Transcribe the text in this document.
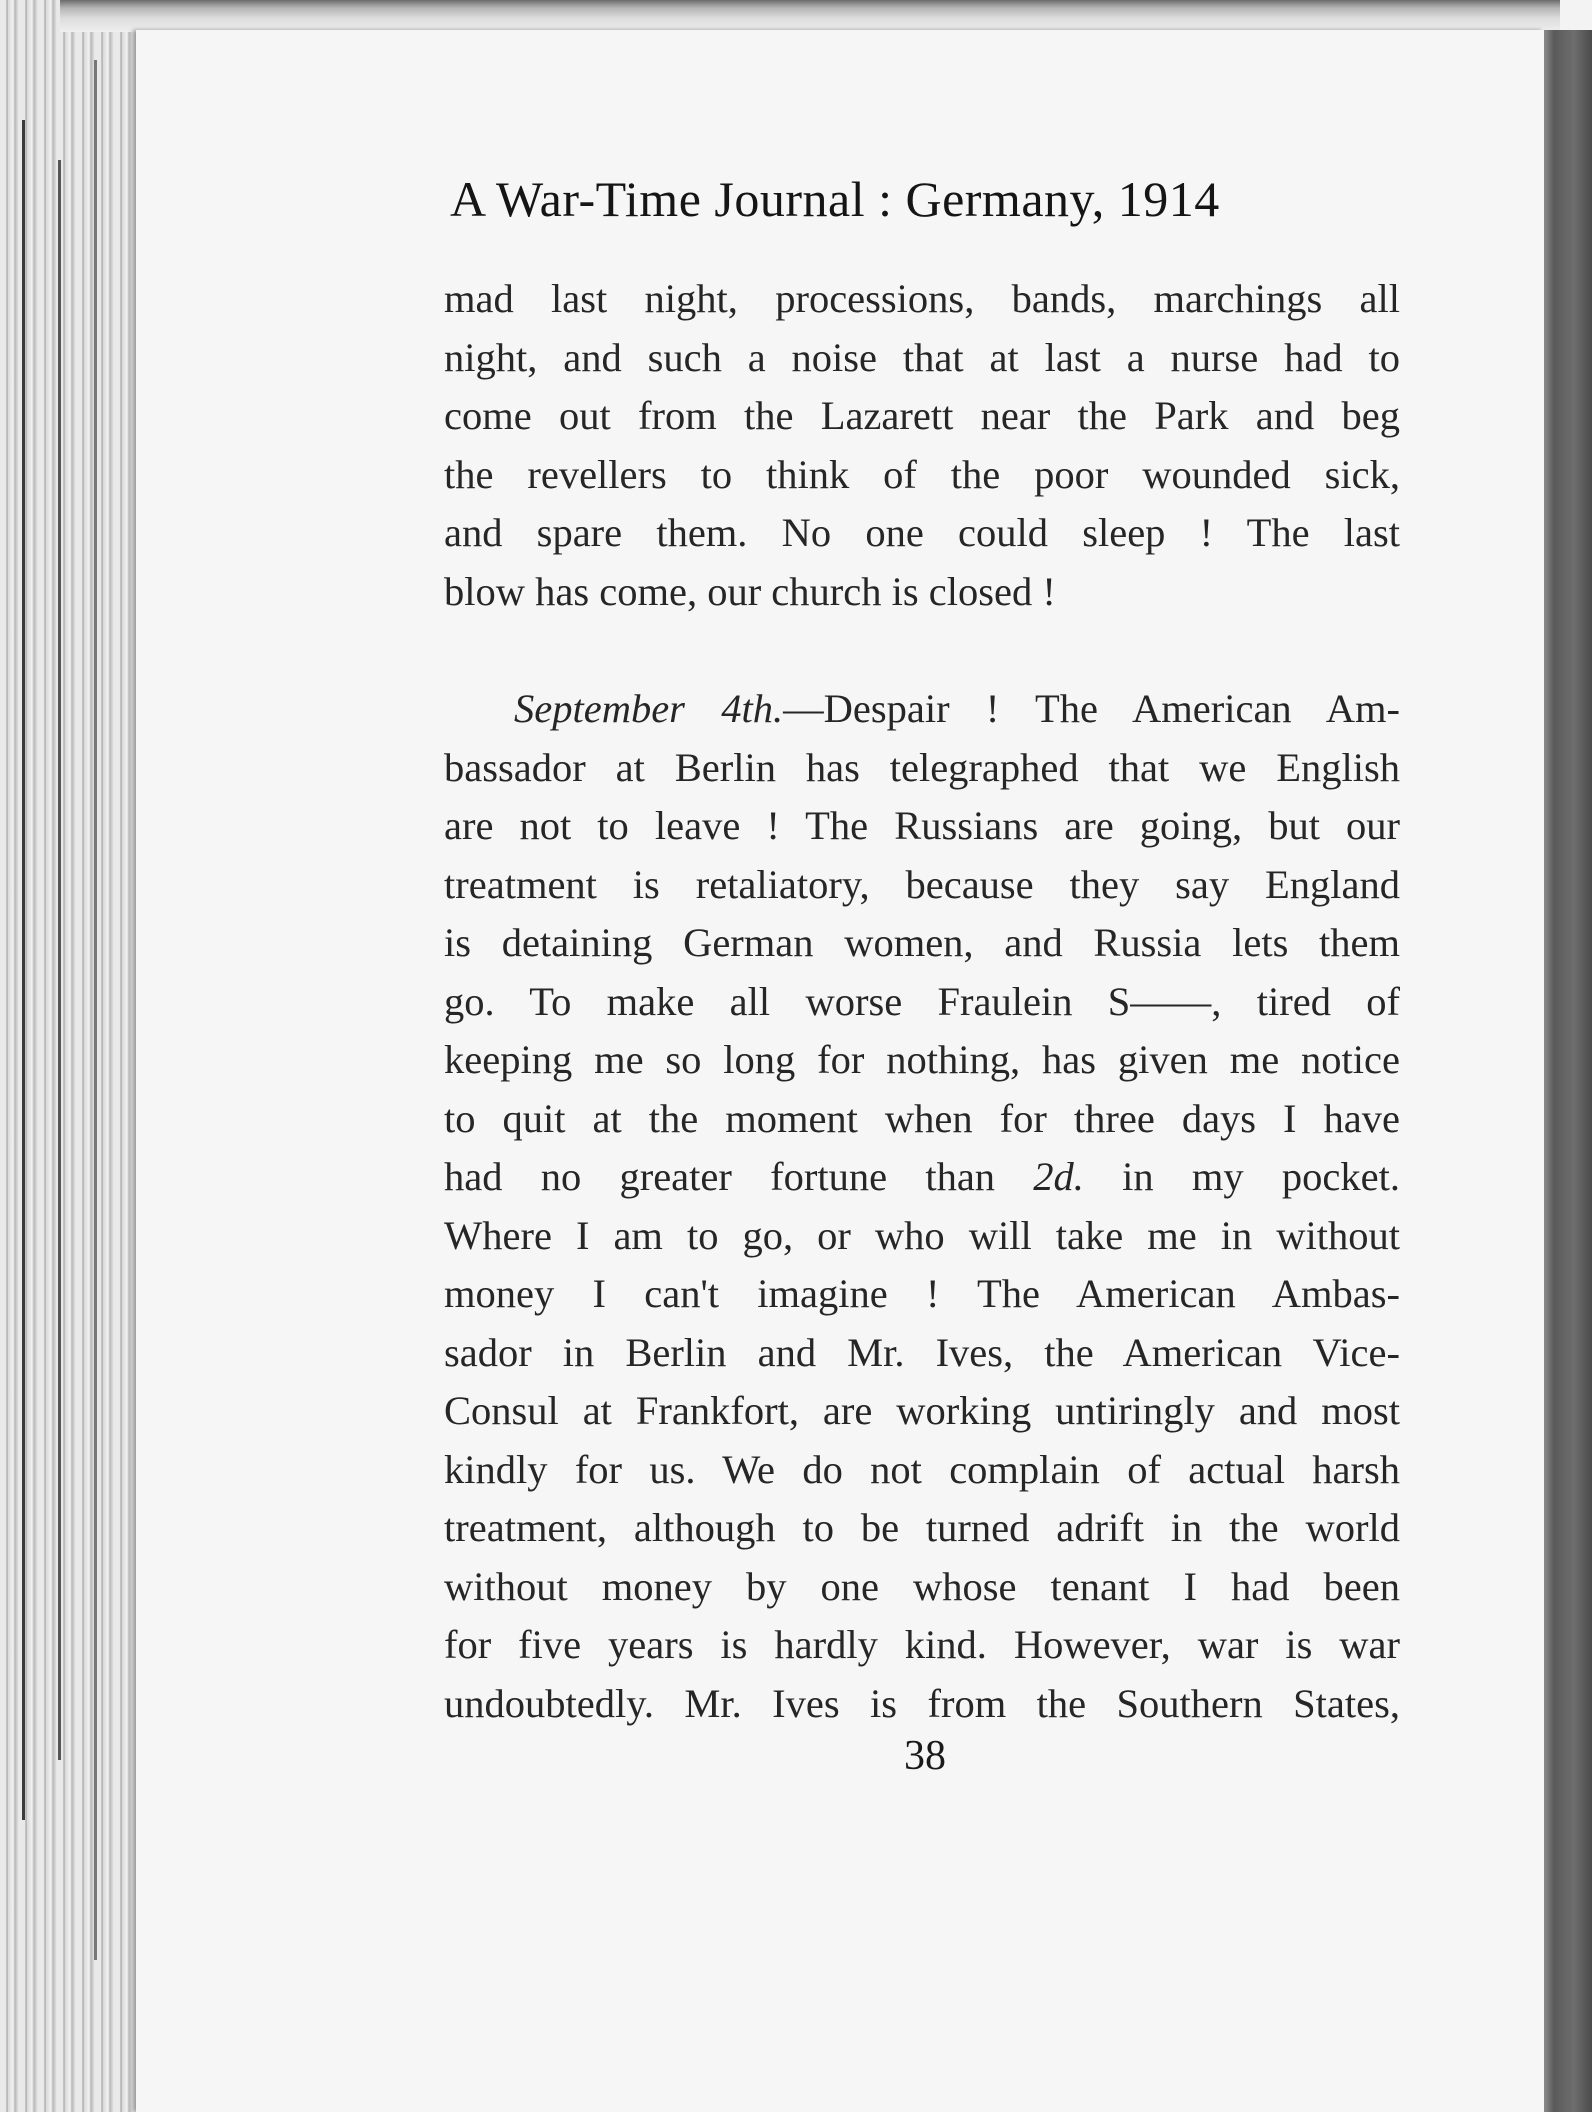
A War-Time Journal : Germany, 1914
mad last night, processions, bands, marchings all
night, and such a noise that at last a nurse had to
come out from the Lazarett near the Park and beg
the revellers to think of the poor wounded sick,
and spare them. No one could sleep ! The last
blow has come, our church is closed !
September 4th.—Despair ! The American Am-
bassador at Berlin has telegraphed that we English
are not to leave ! The Russians are going, but our
treatment is retaliatory, because they say England
is detaining German women, and Russia lets them
go. To make all worse Fraulein S——, tired of
keeping me so long for nothing, has given me notice
to quit at the moment when for three days I have
had no greater fortune than 2d. in my pocket.
Where I am to go, or who will take me in without
money I can't imagine ! The American Ambas-
sador in Berlin and Mr. Ives, the American Vice-
Consul at Frankfort, are working untiringly and most
kindly for us. We do not complain of actual harsh
treatment, although to be turned adrift in the world
without money by one whose tenant I had been
for five years is hardly kind. However, war is war
undoubtedly. Mr. Ives is from the Southern States,
38
